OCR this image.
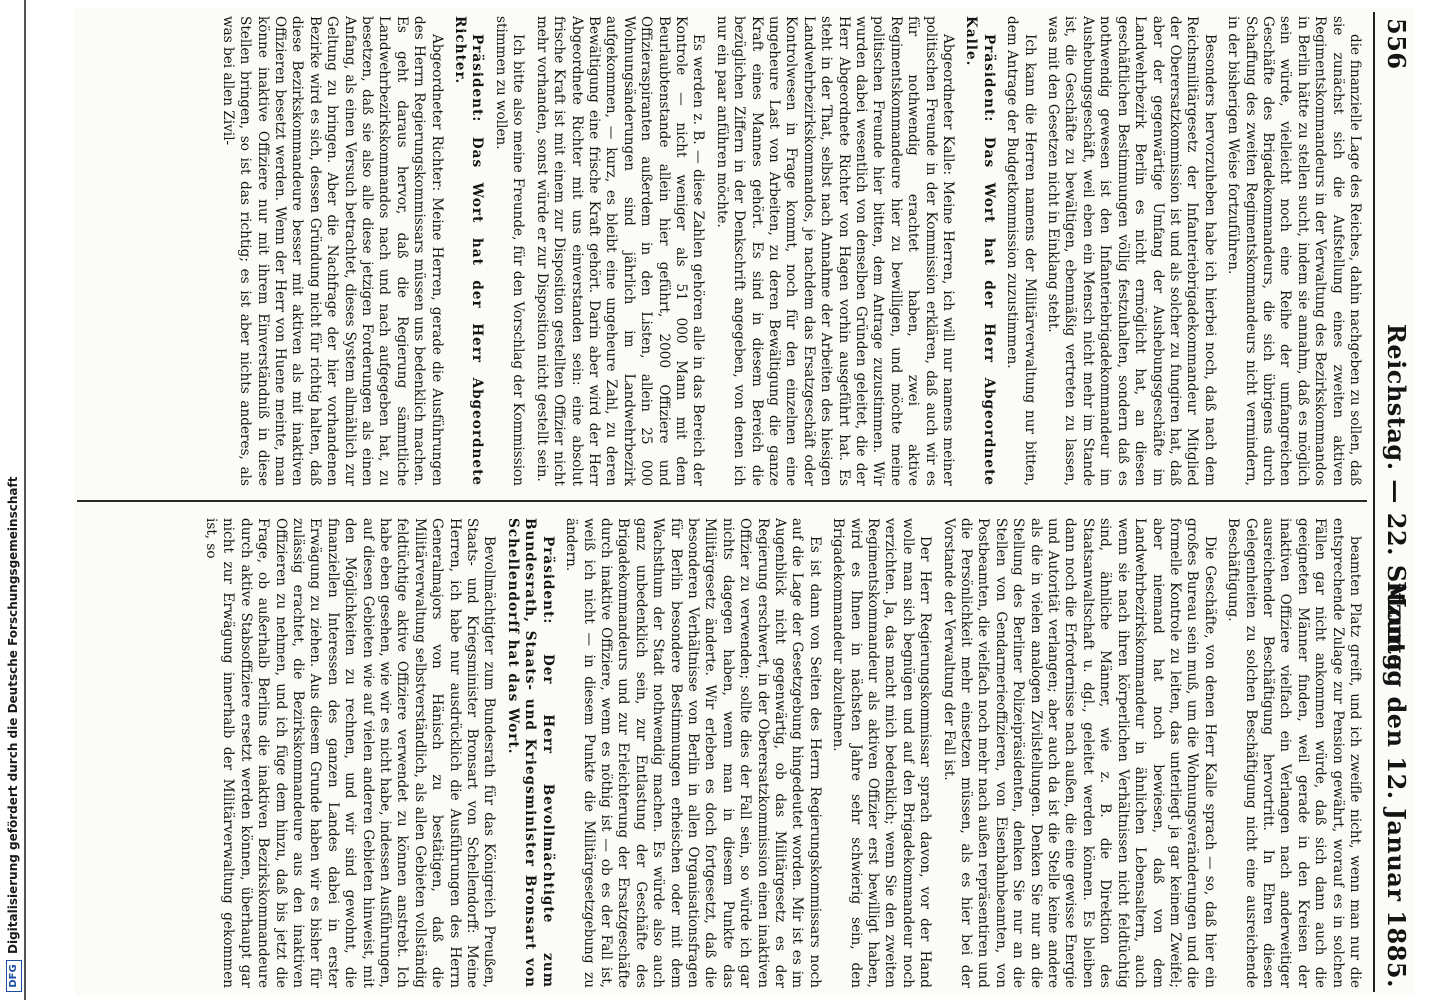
556
Reichstag. — 22. Sitzung.
Montag den 12. Januar 1885.

die finanzielle Lage des Reiches, dahin nachgeben zu sollen, daß sie zunächst sich die Aufstellung eines zweiten aktiven Regimentskommandeurs in der Verwaltung des Bezirkskommandos in Berlin hätte zu stellen sucht, indem sie annahm, daß es möglich sein würde, vielleicht noch eine Reihe der umfangreichen Geschäfte des Brigadekommandeurs, die sich übrigens durch Schaffung des zweiten Regimentskommandeurs nicht vermindern, in der bisherigen Weise fortzuführen.

Besonders hervorzuheben habe ich hierbei noch, daß nach dem Reichsmilitärgesetz der Infanteriebrigadekommandeur Mitglied der Oberersatzkommission ist und als solcher zu fungiren hat, daß aber der gegenwärtige Umfang der Aushebungsgeschäfte im Landwehrbezirk Berlin es nicht ermöglicht hat, an diesen geschäftlichen Bestimmungen völlig festzuhalten, sondern daß es nothwendig gewesen ist den Infanteriebrigadekommandeur im Aushebungsgeschäft, weil eben ein Mensch nicht mehr im Stande ist, die Geschäfte zu bewältigen, ebenmäßig vertreten zu lassen, was mit den Gesetzen nicht in Einklang steht.

Ich kann die Herren namens der Militärverwaltung nur bitten, dem Antrage der Budgetkommission zuzustimmen.

Präsident: Das Wort hat der Herr Abgeordnete Kalle.

Abgeordneter Kalle: Meine Herren, ich will nur namens meiner politischen Freunde in der Kommission erklären, daß auch wir es für nothwendig erachtet haben, zwei aktive Regimentskommandeure hier zu bewilligen, und möchte meine politischen Freunde hier bitten, dem Antrage zuzustimmen. Wir wurden dabei wesentlich von denselben Gründen geleitet, die der Herr Abgeordnete Richter von Hagen vorhin ausgeführt hat. Es steht in der That, selbst nach Annahme der Arbeiten des hiesigen Landwehrbezirkskommandos, je nachdem das Ersatzgeschäft oder Kontrolwesen in Frage kommt, noch für den einzelnen eine ungeheure Last von Arbeiten, zu deren Bewältigung die ganze Kraft eines Mannes gehört. Es sind in diesem Bereich die bezüglichen Ziffern in der Denkschrift angegeben, von denen ich nur ein paar anführen möchte.

Es werden z. B. — diese Zahlen gehören alle in das Bereich der Kontrole — nicht weniger als 51 000 Mann mit dem Beurlaubtenstande allein hier geführt, 2000 Offiziere und Offizieraspiranten außerdem in den Listen, allein 25 000 Wohnungsänderungen sind jährlich im Landwehrbezirk aufgekommen, — kurz, es bleibt eine ungeheure Zahl, zu deren Bewältigung eine frische Kraft gehört. Darin aber wird der Herr Abgeordnete Richter mit uns einverstanden sein: eine absolut frische Kraft ist mit einem zur Disposition gestellten Offizier nicht mehr vorhanden, sonst würde er zur Disposition nicht gestellt sein.

Ich bitte also meine Freunde, für den Vorschlag der Kommission stimmen zu wollen.

Präsident: Das Wort hat der Herr Abgeordnete Richter.

Abgeordneter Richter: Meine Herren, gerade die Ausführungen des Herrn Regierungskommissars müssen uns bedenklich machen. Es geht daraus hervor, daß die Regierung sämmtliche Landwehrbezirkskommandos nach und nach aufgegeben hat, zu besetzen, daß sie also alle diese jetzigen Forderungen als einen Anfang, als einen Versuch betrachtet, dieses System allmählich zur Geltung zu bringen. Aber die Nachfrage der hier vorhandenen Bezirke wird es sich, dessen Gründung nicht für richtig halten, daß diese Bezirkskommandeure besser mit aktiven als mit inaktiven Offizieren besetzt werden. Wenn der Herr von Huene meinte, man könne inaktive Offiziere nur mit ihrem Einverständniß in diese Stellen bringen, so ist das richtig; es ist aber nichts anderes, als was bei allen Zivil-

beamten Platz greift, und ich zweifle nicht, wenn man nur die entsprechende Zulage zur Pension gewährt, worauf es in solchen Fällen gar nicht ankommen würde, daß sich dann auch die geeigneten Männer finden, weil gerade in den Kreisen der inaktiven Offiziere vielfach ein Verlangen nach anderweitiger ausreichender Beschäftigung hervortritt. In Ehren diesen Gelegenheiten zu solchen Beschäftigung nicht eine ausreichende Beschäftigung.

Die Geschäfte, von denen Herr Kalle sprach — so, daß hier ein großes Bureau sein muß, um die Wohnungsveränderungen und die formelle Kontrole zu leiten, das unterliegt ja gar keinem Zweifel; aber niemand hat noch bewiesen, daß von dem Landwehrbezirkskommandeur in ähnlichen Lebensaltern, auch wenn sie nach ihren körperlichen Verhältnissen nicht feldtüchtig sind, ähnliche Männer, wie z. B. die Direktion des Staatsanwaltschaft u. dgl., geleitet werden können. Es bleiben dann noch die Erfordernisse nach außen, die eine gewisse Energie und Autorität verlangen; aber auch da ist die Stelle keine andere als die in vielen analogen Zivilstellungen. Denken Sie nur an die Stellung des Berliner Polizeipräsidenten, denken Sie nur an die Stellen von Gendarmerieoffizieren, von Eisenbahnbeamten, von Postbeamten, die vielfach noch mehr nach außen repräsentiren und die Persönlichkeit mehr einsetzen müssen, als es hier bei der Vorstande der Verwaltung der Fall ist.

Der Herr Regierungskommissar sprach davon, vor der Hand wolle man sich begnügen und auf den Brigadekommandeur noch verzichten. Ja, das macht mich bedenklich; wenn Sie den zweiten Regimentskommandeur als aktiven Offizier erst bewilligt haben, wird es Ihnen in nächsten Jahre sehr schwierig sein, den Brigadekommandeur abzulehnen.

Es ist dann von Seiten des Herrn Regierungskommissars noch auf die Lage der Gesetzgebung hingedeutet worden. Mir ist es im Augenblick nicht gegenwärtig, ob das Militärgesetz es der Regierung erschwert, in der Oberersatzkommission einen inaktiven Offizier zu verwenden; sollte dies der Fall sein, so würde ich gar nichts dagegen haben, wenn man in diesem Punkte das Militärgesetz änderte. Wir erleben es doch fortgesetzt, daß die besonderen Verhältnisse von Berlin in allen Organisationsfragen für Berlin besondere Bestimmungen erheischen oder mit dem Wachsthum der Stadt nothwendig machen. Es würde also auch ganz unbedenklich sein, zur Entlastung der Geschäfte des Brigadekommandeurs und zur Erleichterung der Ersatzgeschäfte durch inaktive Offiziere, wenn es nöthig ist — ob es der Fall ist, weiß ich nicht — in diesem Punkte die Militärgesetzgebung zu ändern.

Präsident: Der Herr Bevollmächtigte zum Bundesrath, Staats- und Kriegsminister Bronsart von Schellendorff hat das Wort.

Bevollmächtigter zum Bundesrath für das Königreich Preußen, Staats- und Kriegsminister Bronsart von Schellendorff: Meine Herren, ich habe nur ausdrücklich die Ausführungen des Herrn Generalmajors von Hänisch zu bestätigen, daß die Militärverwaltung selbstverständlich, als allen Gebieten vollständig feldtüchtige aktive Offiziere verwendet zu können anstrebt. Ich habe eben gesehen, wie wir es nicht habe, indessen Ausführungen, auf diesen Gebieten wie auf vielen anderen Gebieten hinweist, mit den Möglichkeiten zu rechnen, und wir sind gewohnt, die finanziellen Interessen des ganzen Landes dabei in erster Erwägung zu ziehen. Aus diesem Grunde haben wir es bisher für zulässig erachtet, die Bezirkskommandeure aus den inaktiven Offizieren zu nehmen, und ich füge dem hinzu, daß bis jetzt die Frage, ob außerhalb Berlins die inaktiven Bezirkskommandeure durch aktive Stabsoffiziere ersetzt werden können, überhaupt gar nicht zur Erwägung innerhalb der Militärverwaltung gekommen ist, so

DFGDigitalisierung gefördert durch die Deutsche Forschungsgemeinschaft
